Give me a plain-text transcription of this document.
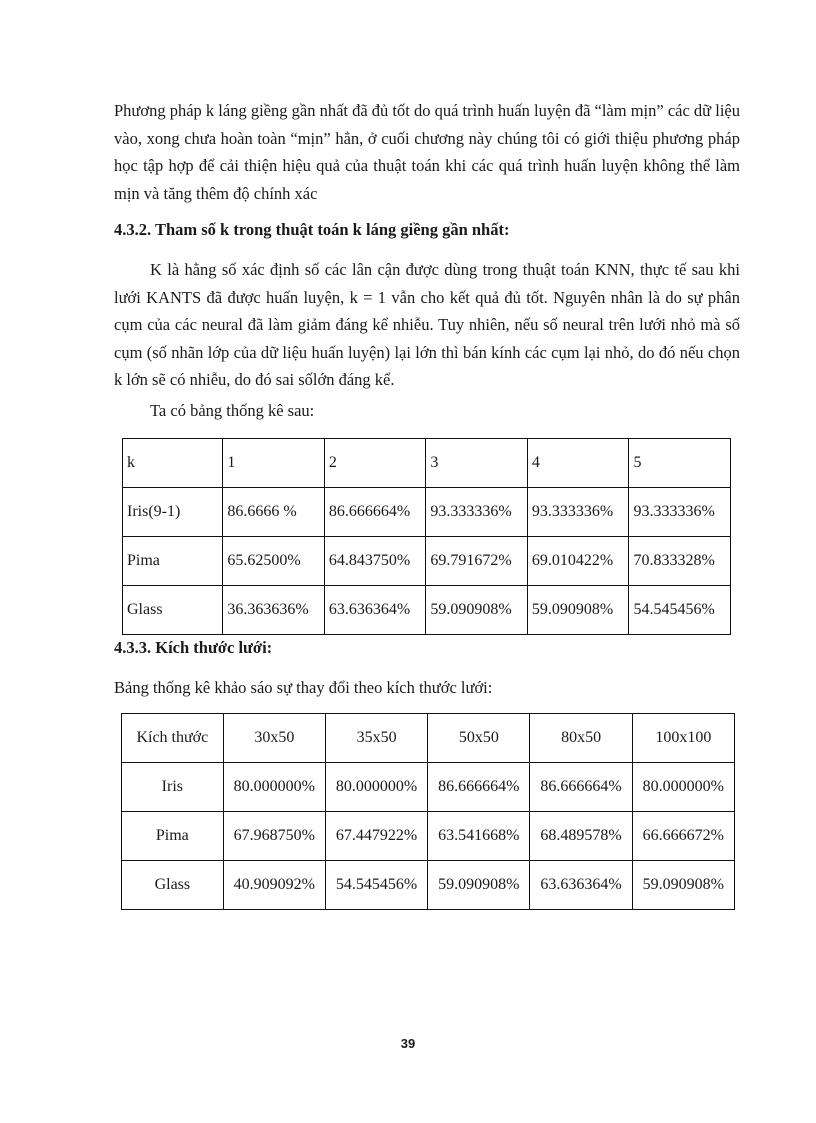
Phương pháp k láng giềng gần nhất đã đủ tốt do quá trình huấn luyện đã “làm mịn” các dữ liệu vào, xong chưa hoàn toàn “mịn” hẳn, ở cuối chương này chúng tôi có giới thiệu phương pháp học tập hợp để cải thiện hiệu quả của thuật toán khi các quá trình huấn luyện không thể làm mịn và tăng thêm độ chính xác

4.3.2. Tham số k trong thuật toán k láng giềng gần nhất:

K là hằng số xác định số các lân cận được dùng trong thuật toán KNN, thực tế sau khi lưới KANTS đã được huấn luyện, k = 1 vẫn cho kết quả đủ tốt. Nguyên nhân là do sự phân cụm của các neural đã làm giảm đáng kể nhiễu. Tuy nhiên, nếu số neural trên lưới nhỏ mà số cụm (số nhãn lớp của dữ liệu huấn luyện) lại lớn thì bán kính các cụm lại nhỏ, do đó nếu chọn k lớn sẽ có nhiễu, do đó sai sốlớn đáng kể.

Ta có bảng thống kê sau:

k	1	2	3	4	5
Iris(9-1)	86.6666 %	86.666664%	93.333336%	93.333336%	93.333336%
Pima	65.62500%	64.843750%	69.791672%	69.010422%	70.833328%
Glass	36.363636%	63.636364%	59.090908%	59.090908%	54.545456%
4.3.3. Kích thước lưới:

Bảng thống kê khảo sáo sự thay đổi theo kích thước lưới:

Kích thước	30x50	35x50	50x50	80x50	100x100
Iris	80.000000%	80.000000%	86.666664%	86.666664%	80.000000%
Pima	67.968750%	67.447922%	63.541668%	68.489578%	66.666672%
Glass	40.909092%	54.545456%	59.090908%	63.636364%	59.090908%
39
